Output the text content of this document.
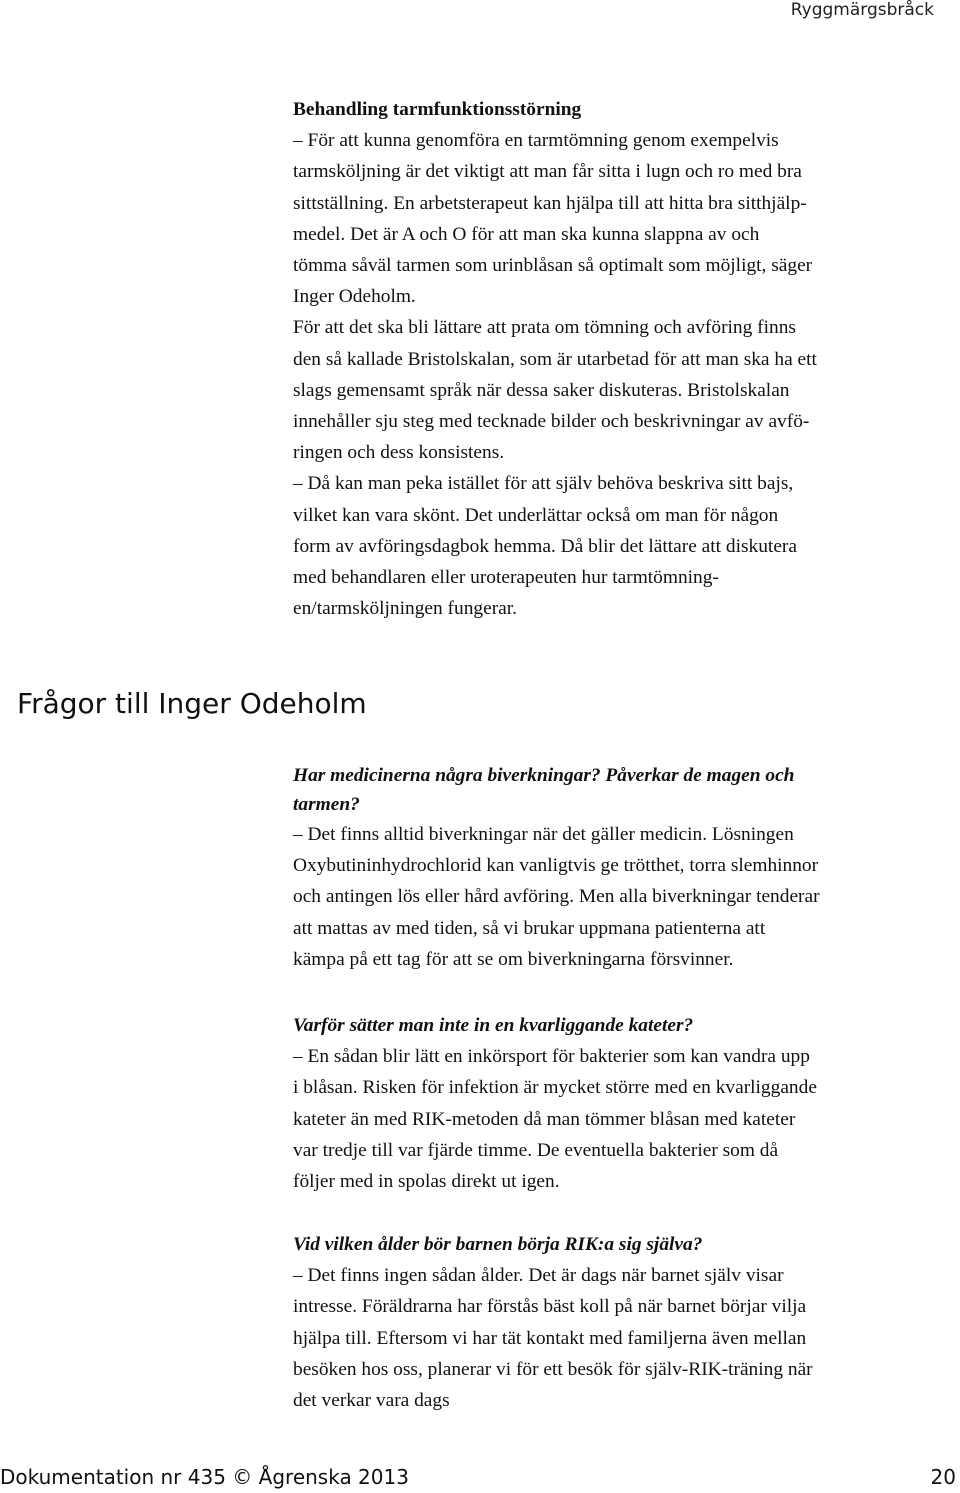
Ryggmärgsbråck

Behandling tarmfunktionsstörning

– För att kunna genomföra en tarmtömning genom exempelvis
tarmsköljning är det viktigt att man får sitta i lugn och ro med bra
sittställning. En arbetsterapeut kan hjälpa till att hitta bra sitthjälp-
medel. Det är A och O för att man ska kunna slappna av och
tömma såväl tarmen som urinblåsan så optimalt som möjligt, säger
Inger Odeholm.

För att det ska bli lättare att prata om tömning och avföring finns
den så kallade Bristolskalan, som är utarbetad för att man ska ha ett
slags gemensamt språk när dessa saker diskuteras. Bristolskalan
innehåller sju steg med tecknade bilder och beskrivningar av avfö-
ringen och dess konsistens.

– Då kan man peka istället för att själv behöva beskriva sitt bajs,
vilket kan vara skönt. Det underlättar också om man för någon
form av avföringsdagbok hemma. Då blir det lättare att diskutera
med behandlaren eller uroterapeuten hur tarmtömning-
en/tarmsköljningen fungerar.

Frågor till Inger Odeholm

Har medicinerna några biverkningar? Påverkar de magen och
tarmen?

– Det finns alltid biverkningar när det gäller medicin. Lösningen
Oxybutininhydrochlorid kan vanligtvis ge trötthet, torra slemhinnor
och antingen lös eller hård avföring. Men alla biverkningar tenderar
att mattas av med tiden, så vi brukar uppmana patienterna att
kämpa på ett tag för att se om biverkningarna försvinner.

Varför sätter man inte in en kvarliggande kateter?

– En sådan blir lätt en inkörsport för bakterier som kan vandra upp
i blåsan. Risken för infektion är mycket större med en kvarliggande
kateter än med RIK-metoden då man tömmer blåsan med kateter
var tredje till var fjärde timme. De eventuella bakterier som då
följer med in spolas direkt ut igen.

Vid vilken ålder bör barnen börja RIK:a sig själva?

– Det finns ingen sådan ålder. Det är dags när barnet själv visar
intresse. Föräldrarna har förstås bäst koll på när barnet börjar vilja
hjälpa till. Eftersom vi har tät kontakt med familjerna även mellan
besöken hos oss, planerar vi för ett besök för själv-RIK-träning när
det verkar vara dags

Dokumentation nr 435 © Ågrenska 2013	20
